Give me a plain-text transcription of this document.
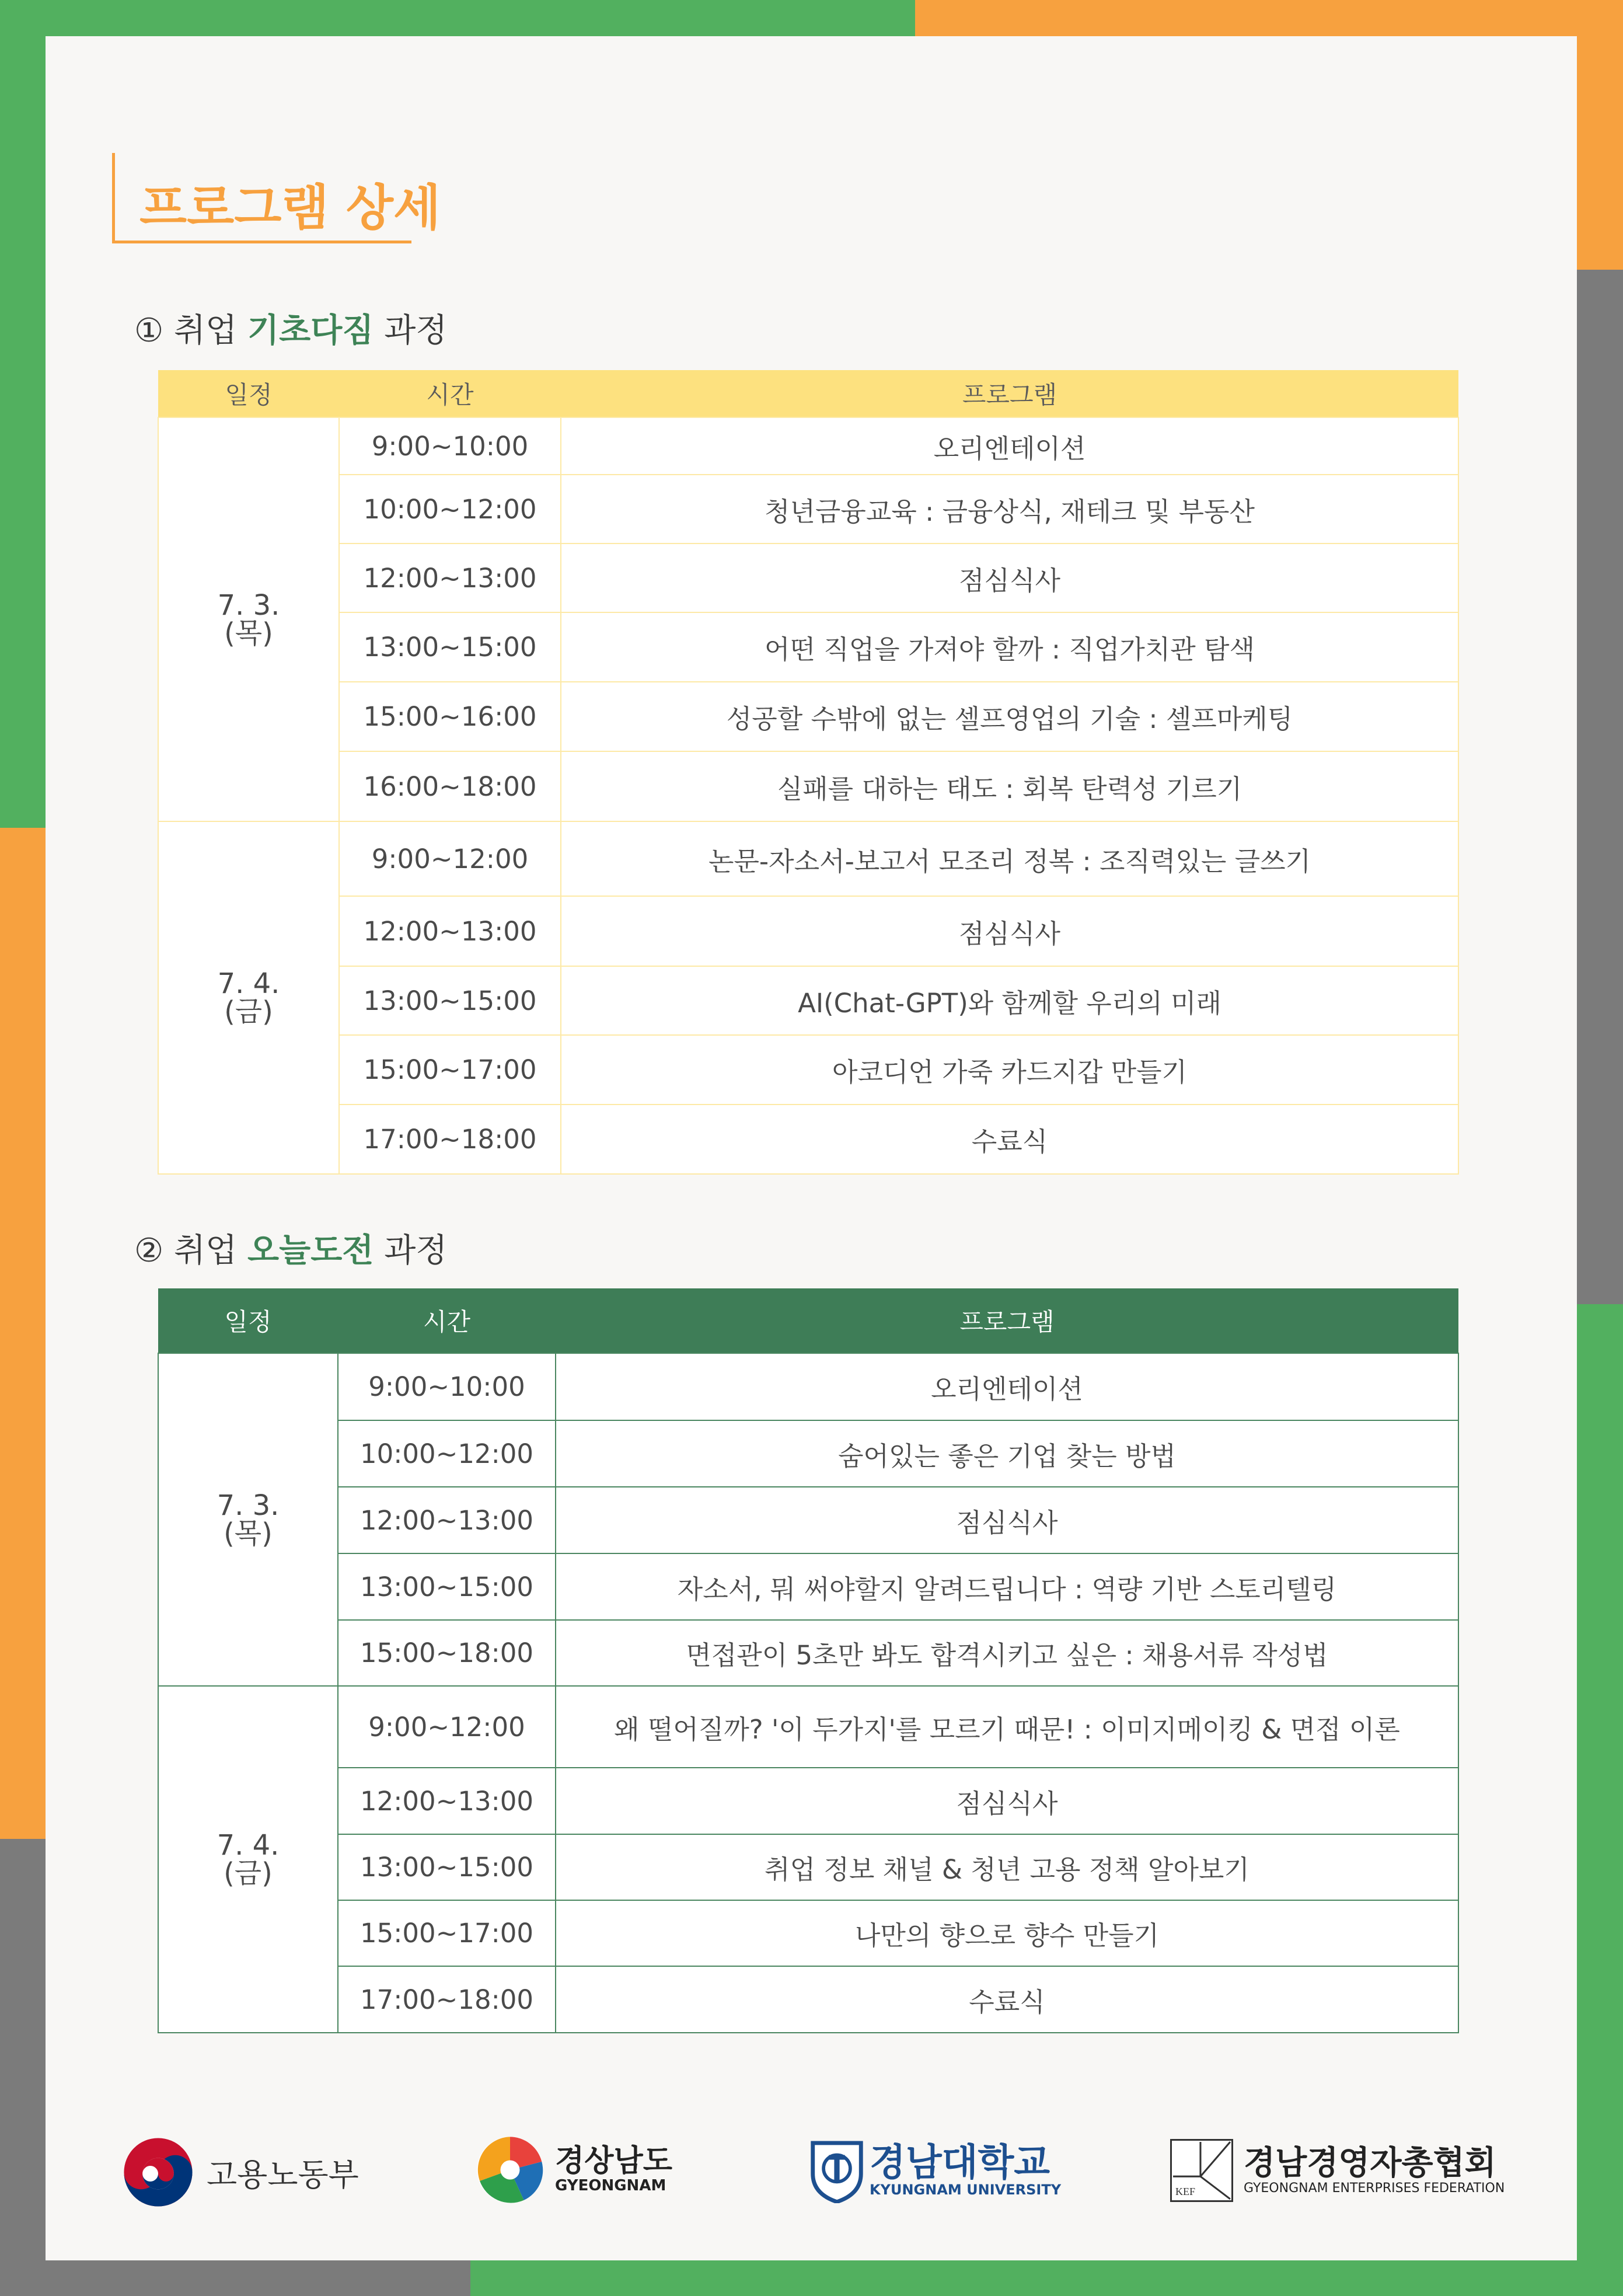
프로그램 상세
① 취업 기초다짐 과정
일정	시간	프로그램

7. 3.
(목)	9:00~10:00	오리엔테이션
	10:00~12:00	청년금융교육 : 금융상식, 재테크 및 부동산
	12:00~13:00	점심식사
	13:00~15:00	어떤 직업을 가져야 할까 : 직업가치관 탐색
	15:00~16:00	성공할 수밖에 없는 셀프영업의 기술 : 셀프마케팅
	16:00~18:00	실패를 대하는 태도 : 회복 탄력성 기르기

7. 4.
(금)	9:00~12:00	논문-자소서-보고서 모조리 정복 : 조직력있는 글쓰기
	12:00~13:00	점심식사
	13:00~15:00	AI(Chat-GPT)와 함께할 우리의 미래
	15:00~17:00	아코디언 가죽 카드지갑 만들기
	17:00~18:00	수료식
② 취업 오늘도전 과정
일정	시간	프로그램

7. 3.
(목)	9:00~10:00	오리엔테이션
	10:00~12:00	숨어있는 좋은 기업 찾는 방법
	12:00~13:00	점심식사
	13:00~15:00	자소서, 뭐 써야할지 알려드립니다 : 역량 기반 스토리텔링
	15:00~18:00	면접관이 5초만 봐도 합격시키고 싶은 : 채용서류 작성법

7. 4.
(금)	9:00~12:00	왜 떨어질까? '이 두가지'를 모르기 때문! : 이미지메이킹 & 면접 이론
	12:00~13:00	점심식사
	13:00~15:00	취업 정보 채널 & 청년 고용 정책 알아보기
	15:00~17:00	나만의 향으로 향수 만들기
	17:00~18:00	수료식
고용노동부	경상남도
GYEONGNAM
경남대학교
KYUNGNAM UNIVERSITY	KEF
경남경영자총협회
GYEONGNAM ENTERPRISES FEDERATION
